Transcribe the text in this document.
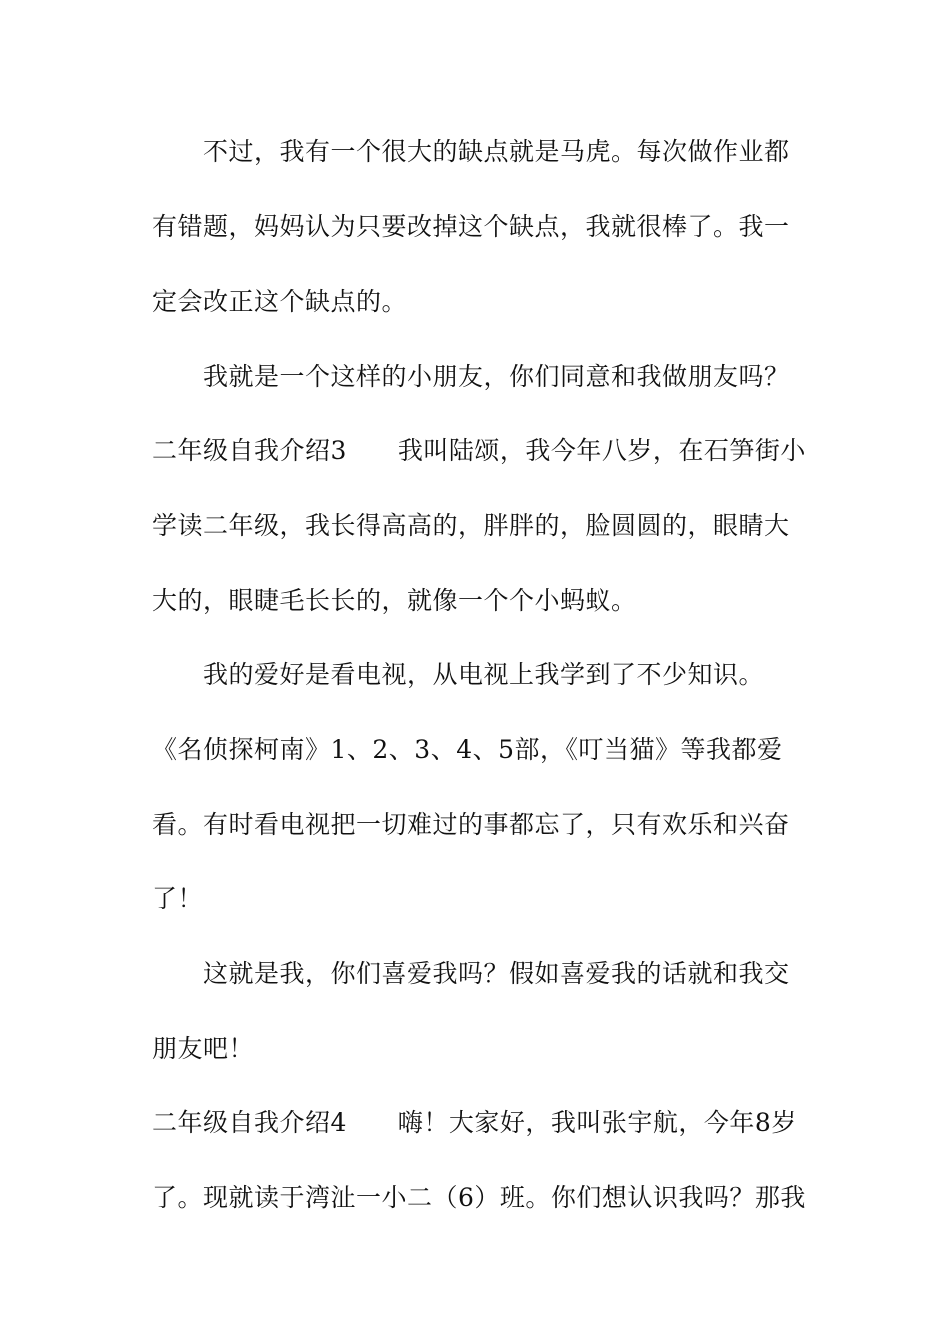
不过，我有一个很大的缺点就是马虎。每次做作业都
有错题，妈妈认为只要改掉这个缺点，我就很棒了。我一
定会改正这个缺点的。
我就是一个这样的小朋友，你们同意和我做朋友吗？
二年级自我介绍3　　我叫陆颂，我今年八岁，在石笋街小
学读二年级，我长得高高的，胖胖的，脸圆圆的，眼睛大
大的，眼睫毛长长的，就像一个个小蚂蚁。
我的爱好是看电视，从电视上我学到了不少知识。
《名侦探柯南》1、2、3、4、5部，《叮当猫》等我都爱
看。有时看电视把一切难过的事都忘了，只有欢乐和兴奋
了！
这就是我，你们喜爱我吗？假如喜爱我的话就和我交
朋友吧！
二年级自我介绍4　　嗨！大家好，我叫张宇航，今年8岁
了。现就读于湾沚一小二（6）班。你们想认识我吗？那我
